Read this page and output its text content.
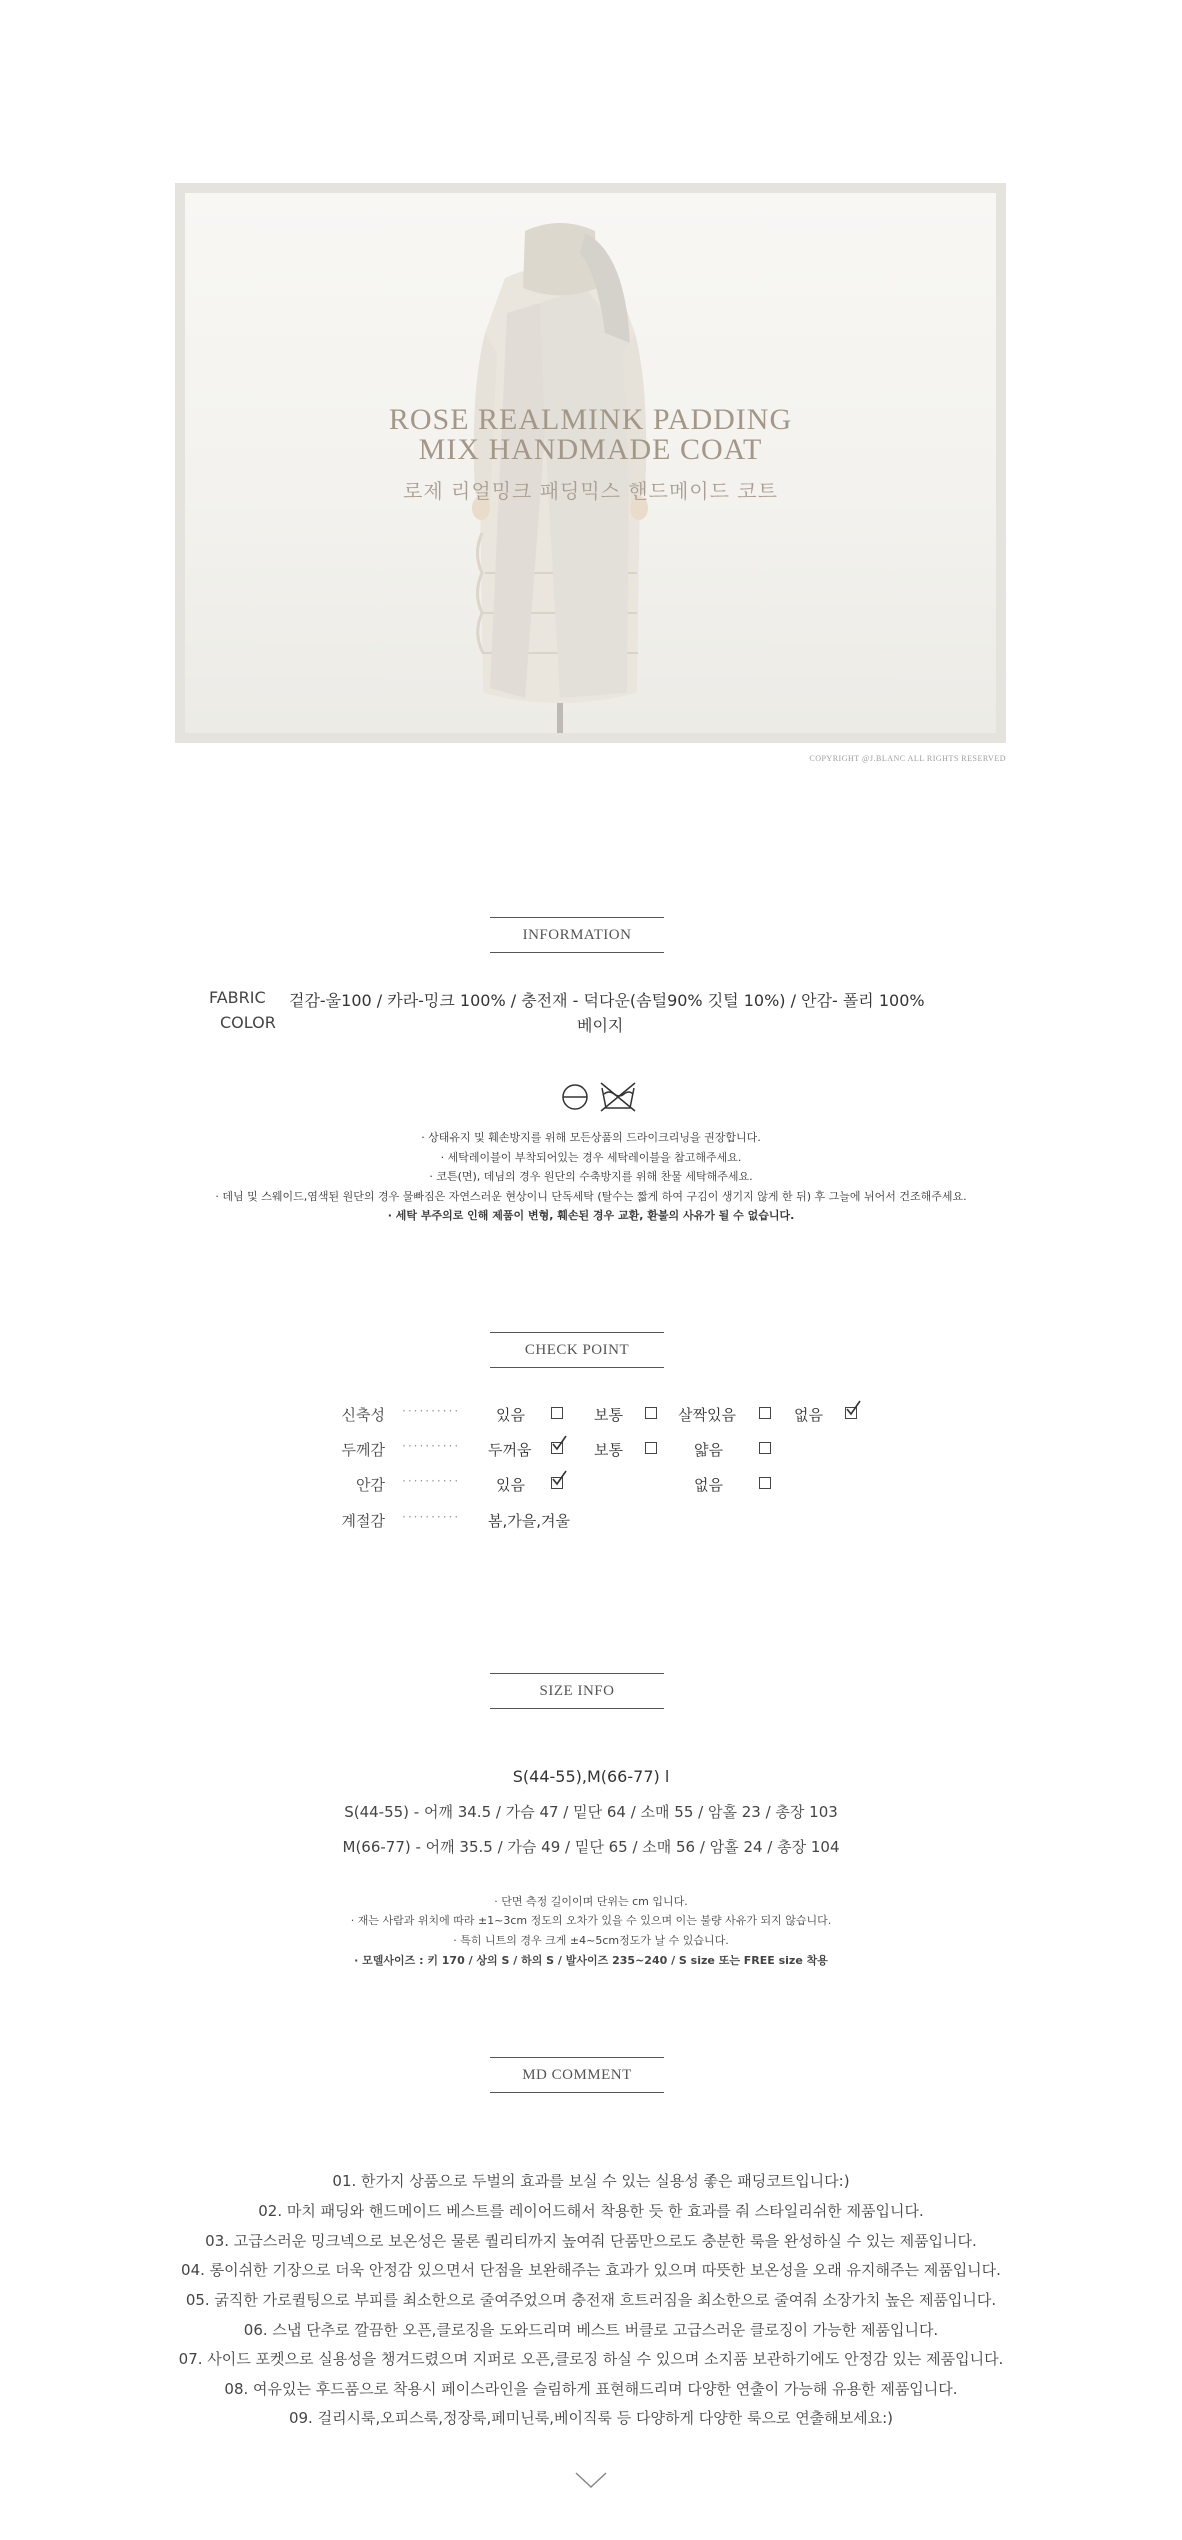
ROSE REALMINK PADDING
MIX HANDMADE COAT
로제 리얼밍크 패딩믹스 핸드메이드 코트
COPYRIGHT @J.BLANC ALL RIGHTS RESERVED
INFORMATION
FABRIC 겉감-울100 / 카라-밍크 100% / 충전재 - 덕다운(솜털90% 깃털 10%) / 안감- 폴리 100%
COLOR	베이지
· 상태유지 및 훼손방지를 위해 모든상품의 드라이크리닝을 권장합니다.
· 세탁레이블이 부착되어있는 경우 세탁레이블을 참고해주세요.
· 코튼(면), 데님의 경우 원단의 수축방지를 위해 찬물 세탁해주세요.
· 데님 및 스웨이드,염색된 원단의 경우 물빠짐은 자연스러운 현상이니 단독세탁 (탈수는 짧게 하여 구김이 생기지 않게 한 뒤) 후 그늘에 뉘어서 건조해주세요.
· 세탁 부주의로 인해 제품이 변형, 훼손된 경우 교환, 환불의 사유가 될 수 없습니다.
CHECK POINT
신축성 ·········· 있음	보통	살짝있음	없음
두께감 ·········· 두꺼움	보통	얇음
안감 ·········· 있음	없음
계절감 ·········· 봄,가을,겨울
SIZE INFO
S(44-55),M(66-77) l
S(44-55) - 어깨 34.5 / 가슴 47 / 밑단 64 / 소매 55 / 암홀 23 / 총장 103
M(66-77) - 어깨 35.5 / 가슴 49 / 밑단 65 / 소매 56 / 암홀 24 / 총장 104
· 단면 측정 길이이며 단위는 cm 입니다.
· 재는 사람과 위치에 따라 ±1~3cm 정도의 오차가 있을 수 있으며 이는 불량 사유가 되지 않습니다.
· 특히 니트의 경우 크게 ±4~5cm정도가 날 수 있습니다.
· 모델사이즈 : 키 170 / 상의 S / 하의 S / 발사이즈 235~240 / S size 또는 FREE size 착용
MD COMMENT
01. 한가지 상품으로 두벌의 효과를 보실 수 있는 실용성 좋은 패딩코트입니다:)
02. 마치 패딩와 핸드메이드 베스트를 레이어드해서 착용한 듯 한 효과를 줘 스타일리쉬한 제품입니다.
03. 고급스러운 밍크넥으로 보온성은 물론 퀄리티까지 높여줘 단품만으로도 충분한 룩을 완성하실 수 있는 제품입니다.
04. 롱이쉬한 기장으로 더욱 안정감 있으면서 단점을 보완해주는 효과가 있으며 따뜻한 보온성을 오래 유지해주는 제품입니다.
05. 굵직한 가로퀼팅으로 부피를 최소한으로 줄여주었으며 충전재 흐트러짐을 최소한으로 줄여줘 소장가치 높은 제품입니다.
06. 스냅 단추로 깔끔한 오픈,클로징을 도와드리며 베스트 버클로 고급스러운 클로징이 가능한 제품입니다.
07. 사이드 포켓으로 실용성을 챙겨드렸으며 지퍼로 오픈,클로징 하실 수 있으며 소지품 보관하기에도 안정감 있는 제품입니다.
08. 여유있는 후드품으로 착용시 페이스라인을 슬림하게 표현해드리며 다양한 연출이 가능해 유용한 제품입니다.
09. 걸리시룩,오피스룩,정장룩,페미닌룩,베이직룩 등 다양하게 다양한 룩으로 연출해보세요:)
